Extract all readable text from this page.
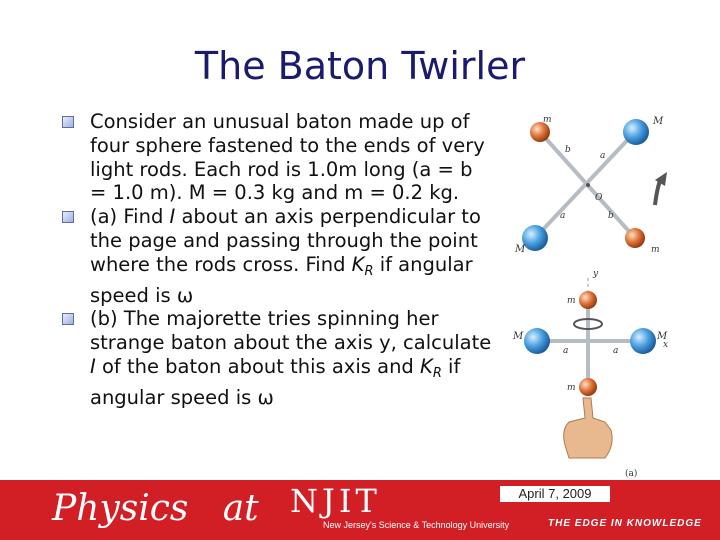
The Baton Twirler
Consider an unusual baton made up of four sphere fastened to the ends of very light rods. Each rod is 1.0m long (a = b = 1.0 m). M = 0.3 kg and m = 0.2 kg.
(a) Find I about an axis perpendicular to the page and passing through the point where the rods cross. Find $K_R$ if angular speed is ω
(b) The majorette tries spinning her strange baton about the axis y, calculate I of the baton about this axis and $K_R$ if angular speed is ω
m	M
b
a
O
a	b
M	m
y
m
M	M
x
a	a
m
(a)
Physics   at NJIT
New Jersey's Science & Technology University	THE EDGE IN KNOWLEDGE
April 7, 2009
